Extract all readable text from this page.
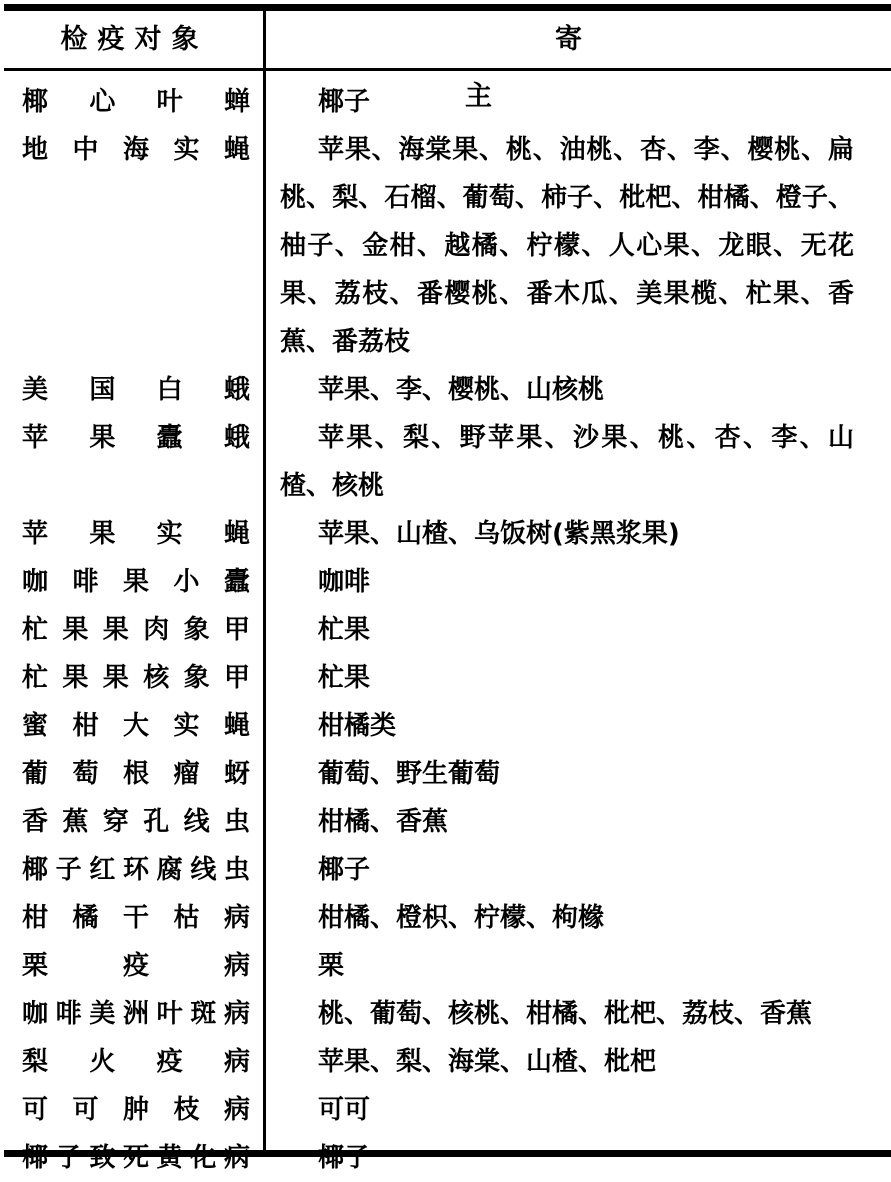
检疫对象	寄主
椰心叶蝉	椰子
地中海实蝇	苹果、海棠果、桃、油桃、杏、李、樱桃、扁桃、梨、石榴、葡萄、柿子、枇杷、柑橘、橙子、柚子、金柑、越橘、柠檬、人心果、龙眼、无花果、荔枝、番樱桃、番木瓜、美果榄、杧果、香蕉、番荔枝
美国白蛾	苹果、李、樱桃、山核桃
苹果蠹蛾	苹果、梨、野苹果、沙果、桃、杏、李、山楂、核桃
苹果实蝇	苹果、山楂、乌饭树(紫黑浆果)
咖啡果小蠹	咖啡
杧果果肉象甲	杧果
杧果果核象甲	杧果
蜜柑大实蝇	柑橘类
葡萄根瘤蚜	葡萄、野生葡萄
香蕉穿孔线虫	柑橘、香蕉
椰子红环腐线虫	椰子
柑橘干枯病	柑橘、橙枳、柠檬、枸橼
栗疫病	栗
咖啡美洲叶斑病	桃、葡萄、核桃、柑橘、枇杷、荔枝、香蕉
梨火疫病	苹果、梨、海棠、山楂、枇杷
可可肿枝病	可可
椰子致死黄化病	椰子
